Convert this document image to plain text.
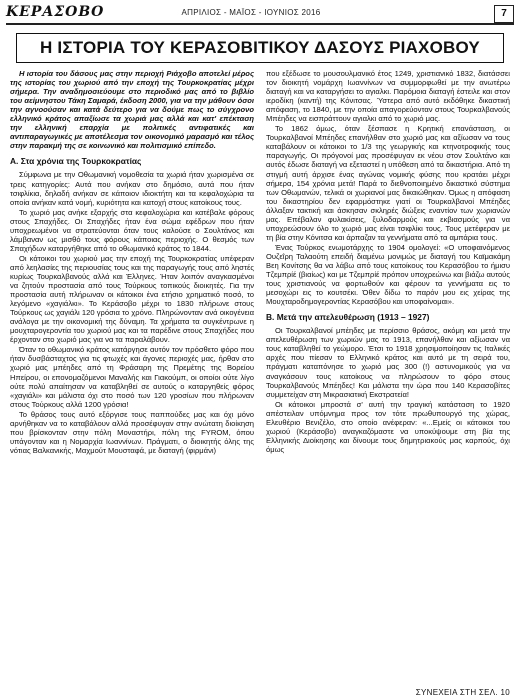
ΚΕΡΑΣΟΒΟ	ΑΠΡΙΛΙΟΣ - ΜΑΪΟΣ - ΙΟΥΝΙΟΣ 2016	7
Η ΙΣΤΟΡΙΑ ΤΟΥ ΚΕΡΑΣΟΒΙΤΙΚΟΥ ΔΑΣΟΥΣ ΡΙΑΧΟΒΟΥ

Η ιστορία του δάσους μας στην περιοχή Ριάχοβο αποτελεί μέρος της ιστορίας του χωριού από την εποχή της Τουρκοκρατίας μέχρι σήμερα. Την αναδημοσιεύουμε στο περιοδικό μας από το βιβλίο του αείμνηστου Τάκη Σαμαρά, έκδοση 2000, για να την μάθουν όσοι την αγνοούσαν και κατά δεύτερο για να δούμε πως το σύγχρονο ελληνικό κράτος απαξίωσε τα χωριά μας αλλά και κατ' επέκταση την ελληνική επαρχία με πολιτικές αντιφατικές και αντιπαραγωγικές με αποτέλεσμα τον οικονομικό μαρασμό και τέλος στην παρακμή της σε κοινωνικό και πολιτισμικό επίπεδο.

Α. Στα χρόνια της Τουρκοκρατίας

Σύμφωνα με την Οθωμανική νομοθεσία τα χωριά ήταν χωρισμένα σε τρεις κατηγορίες: Αυτά που ανήκαν στο δημόσιο, αυτά που ήταν τσιφλίκια, δηλαδή ανήκαν σε κάποιον ιδιοκτήτη και τα κεφαλοχώρια τα οποία ανήκαν κατά νομή, κυριότητα και κατοχή στους κατοίκους τους.

Το χωριό μας ανήκε εξαρχής στα κεφαλοχώρια και κατέβαλε φόρους στους Σπαχήδες. Οι Σπαχήδες ήταν ένα σώμα εφέδρων που ήταν υποχρεωμένοι να στρατεύονται όταν τους καλούσε ο Σουλτάνος και λάμβαναν ως μισθό τους φόρους κάποιας περιοχής. Ο θεσμός των Σπαχήδων καταργήθηκε από το οθωμανικό κράτος το 1844.

Οι κάτοικοι του χωριού μας την εποχή της Τουρκοκρατίας υπέφεραν από λεηλασίες της περιουσίας τους και της παραγωγής τους από ληστές κυρίως Τουρκαλβανούς αλλά και Έλληνες. Ήταν λοιπόν αναγκασμένοι να ζητούν προστασία από τους Τούρκους τοπικούς διοικητές. Για την προστασία αυτή πλήρωναν οι κάτοικοι ένα ετήσιο χρηματικό ποσό, το λεγόμενο «χαγιάλκι». Το Κεράσοβο μέχρι το 1830 πλήρωνε στους Τούρκους ως χαγιάλι 120 γρόσια το χρόνο. Πληρώνονταν ανά οικογένεια ανάλογα με την οικονομική της δύναμη. Τα χρήματα τα συγκέντρωνε η μουχταρογεροντία του χωριού μας και τα παρέδινε στους Σπαχήδες που έρχονταν στο χωριό μας για να τα παραλάβουν.

Όταν το οθωμανικό κράτος κατάργησε αυτόν τον πρόσθετο φόρο που ήταν δυσβάσταχτος για τις φτωχές και άγονες περιοχές μας, ήρθαν στο χωριό μας μπέηδες από τη Φράσαρη της Πρεμέτης της Βορείου Ηπείρου, οι επονομαζόμενοι Μαναλής και Γιακούμπ, οι οποίοι ούτε λίγο ούτε πολύ απαίτησαν να καταβληθεί σε αυτούς ο καταργηθείς φόρος «χαγιάλι» και μάλιστα όχι στο ποσό των 120 γροσίων που πλήρωναν στους Τούρκους αλλά 1200 γρόσια!

Το θράσος τους αυτό εξόργισε τους παππούδες μας και όχι μόνο αρνήθηκαν να το καταβάλουν αλλά προσέφυγαν στην ανώτατη διοίκηση που βρίσκονταν στην πόλη Μοναστήρι, πόλη της FYROM, όπου υπάγονταν και η Νομαρχία Ιωαννίνων. Πράγματι, ο διοικητής όλης της νότιας Βαλκανικής, Μαχμούτ Μουσταφά, με διαταγή (φιρμάνι)

που εξέδωσε το μουσουλμανικό έτος 1249, χριστιανικό 1832, διατάσσει τον διοικητή νομάρχη Ιωαννίνων να συμμορφωθεί με την ανωτέρω διαταγή και να καταργήσει το αγιαλκι. Παρόμοια διαταγή έστειλε και στον ιεροδίκη (καντή) της Κόνιτσας. Ύστερα από αυτό εκδόθηκε δικαστική απόφαση, το 1840, με την οποία απαγορεύονταν στους Τουρκαλβανούς Μπέηδες να εισπράττουν αγιαλκι από το χωριό μας.

Το 1862 όμως, όταν ξέσπασε η Κρητική επανάσταση, οι Τουρκαλβανοί Μπέηδες επανήλθαν στο χωριό μας και αξίωσαν να τους καταβάλουν οι κάτοικοι το 1/3 της γεωργικής και κτηνοτροφικής τους παραγωγής. Οι πρόγονοί μας προσέφυγαν εκ νέου στον Σουλτάνο και αυτός έδωσε διαταγή να εξεταστεί η υπόθεση από τα δικαστήρια. Από τη στιγμή αυτή άρχισε ένας αγώνας νομικής φύσης που κρατάει μέχρι σήμερα, 154 χρόνια μετά! Παρά το διεθνοποιημένο δικαστικό σύστημα των Οθωμανών, τελικά οι χωριανοί μας δικαιώθηκαν. Όμως η απόφαση του δικαστηρίου δεν εφαρμόστηκε γιατί οι Τουρκαλβανοί Μπέηδες άλλαξαν τακτική και άσκησαν σκληρές διώξεις εναντίον των χωριανών μας. Επέβαλαν φυλακίσεις, ξυλοδαρμούς και εκβιασμούς για να υποχρεώσουν όλο το χωριό μας είναι τσιφλίκι τους. Τους μετέφεραν με τη βία στην Κόνιτσα και άρπαζαν τα γεννήματα από τα αμπάρια τους.

Ένας Τούρκος ενωμοτάρχης το 1904 ομολογεί: «Ο υποφαινόμενος Ουζεΐρη Ταλαούτη επειδή διαμένω μονιμώς με διαταγή του Καϊμακάμη Βεη Κονίτσης θα να λάβω από τους κατοίκους του Κερασόβου το ήμισυ Τζεμπρίέ (βιαίως) και με Τζεμπρίέ πρόπον υποχρεώνω και βιάζω αυτούς τους χριστιανούς να φορτωθούν και φέρουν τα γεννήματα εις το μεσοχώρι εις το κουτσέκι. Όθεν δίδω το παρόν μου εις χείρας της Μουχταροδημογεροντίας Κερασόβου και υποφαίνομαι».

Β. Μετά την απελευθέρωση (1913 – 1927)

Οι Τουρκαλβανοί μπέηδες με περίσσιο θράσος, ακόμη και μετά την απελευθέρωση των χωριών μας το 1913, επανήλθαν και αξίωσαν να τους καταβληθεί το γεώμορο. Έτσι το 1918 χρησιμοποίησαν τις Ιταλικές αρχές που πίεσαν το Ελληνικό κράτος και αυτό με τη σειρά του, πράγματι καταπόνησε το χωριό μας 300 (!) αστυνομικούς για να αναγκάσουν τους κατοίκους να πληρώσουν το φόρο στους Τουρκαλβανούς Μπέηδες! Και μάλιστα την ώρα που 140 Κερασοβίτες συμμετείχαν στη Μικρασιατική Εκστρατεία!

Οι κάτοικοι μπροστά σ' αυτή την τραγική κατάσταση το 1920 απέστειλαν υπόμνημα προς τον τότε πρωθυπουργό της χώρας, Ελευθέριο Βενιζέλο, στο οποίο ανέφεραν: «...Εμείς οι κάτοικοι του χωριού (Κεράσοβο) αναγκαζόμαστε να υποκύψουμε στη βία της Ελληνικής Διοίκησης και δίνουμε τους δημητριακούς μας καρπούς, όχι όμως

ΣΥΝΕΧΕΙΑ ΣΤΗ ΣΕΛ. 10
